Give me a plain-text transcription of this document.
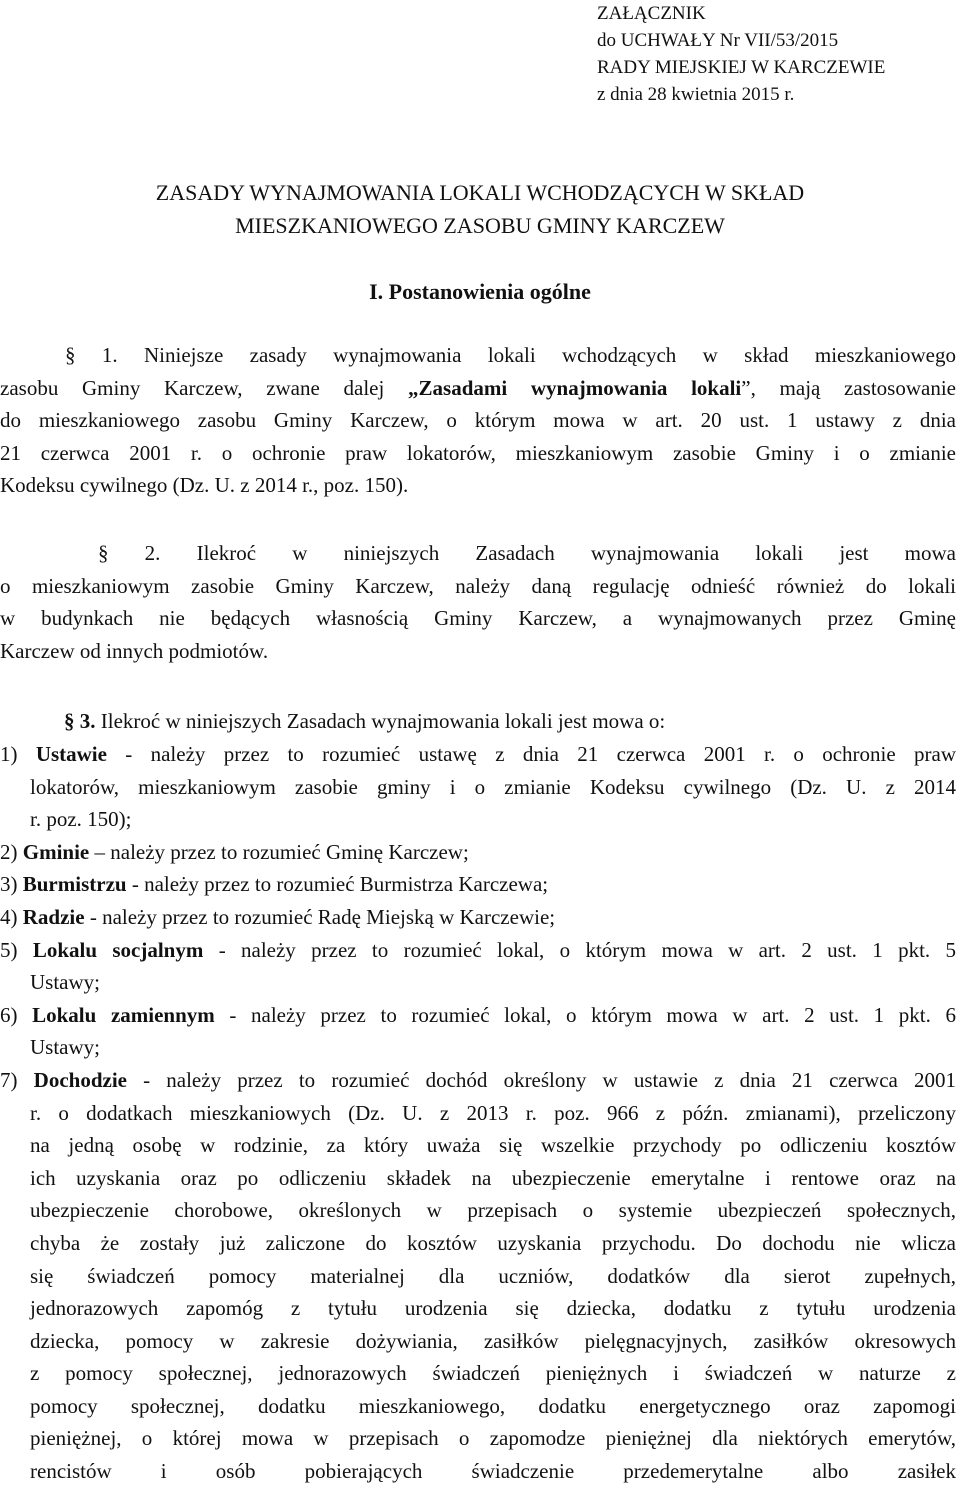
ZAŁĄCZNIK
do UCHWAŁY Nr VII/53/2015
RADY MIEJSKIEJ W KARCZEWIE
z dnia 28 kwietnia 2015 r.
ZASADY WYNAJMOWANIA LOKALI WCHODZĄCYCH W SKŁAD
MIESZKANIOWEGO ZASOBU GMINY KARCZEW
I. Postanowienia ogólne
§ 1. Niniejsze zasady wynajmowania lokali wchodzących w skład mieszkaniowego
zasobu Gminy Karczew, zwane dalej „Zasadami wynajmowania lokali”, mają zastosowanie
do mieszkaniowego zasobu Gminy Karczew, o którym mowa w art. 20 ust. 1 ustawy z dnia
21 czerwca 2001 r. o ochronie praw lokatorów, mieszkaniowym zasobie Gminy i o zmianie
Kodeksu cywilnego (Dz. U. z 2014 r., poz. 150).
§ 2. Ilekroć w niniejszych Zasadach wynajmowania lokali jest mowa
o mieszkaniowym zasobie Gminy Karczew, należy daną regulację odnieść również do lokali
w budynkach nie będących własnością Gminy Karczew, a wynajmowanych przez Gminę
Karczew od innych podmiotów.
§ 3. Ilekroć w niniejszych Zasadach wynajmowania lokali jest mowa o:
1) Ustawie - należy przez to rozumieć ustawę z dnia 21 czerwca 2001 r. o ochronie praw
lokatorów, mieszkaniowym zasobie gminy i o zmianie Kodeksu cywilnego (Dz. U. z 2014
r. poz. 150);
2) Gminie – należy przez to rozumieć Gminę Karczew;
3) Burmistrzu - należy przez to rozumieć Burmistrza Karczewa;
4) Radzie - należy przez to rozumieć Radę Miejską w Karczewie;
5) Lokalu socjalnym - należy przez to rozumieć lokal, o którym mowa w art. 2 ust. 1 pkt. 5
Ustawy;
6) Lokalu zamiennym - należy przez to rozumieć lokal, o którym mowa w art. 2 ust. 1 pkt. 6
Ustawy;
7) Dochodzie - należy przez to rozumieć dochód określony w ustawie z dnia 21 czerwca 2001
r. o dodatkach mieszkaniowych (Dz. U. z 2013 r. poz. 966 z późn. zmianami), przeliczony
na jedną osobę w rodzinie, za który uważa się wszelkie przychody po odliczeniu kosztów
ich uzyskania oraz po odliczeniu składek na ubezpieczenie emerytalne i rentowe oraz na
ubezpieczenie chorobowe, określonych w przepisach o systemie ubezpieczeń społecznych,
chyba że zostały już zaliczone do kosztów uzyskania przychodu. Do dochodu nie wlicza
się świadczeń pomocy materialnej dla uczniów, dodatków dla sierot zupełnych,
jednorazowych zapomóg z tytułu urodzenia się dziecka, dodatku z tytułu urodzenia
dziecka, pomocy w zakresie dożywiania, zasiłków pielęgnacyjnych, zasiłków okresowych
z pomocy społecznej, jednorazowych świadczeń pieniężnych i świadczeń w naturze z
pomocy społecznej, dodatku mieszkaniowego, dodatku energetycznego oraz zapomogi
pieniężnej, o której mowa w przepisach o zapomodze pieniężnej dla niektórych emerytów,
rencistów i osób pobierających świadczenie przedemerytalne albo zasiłek
